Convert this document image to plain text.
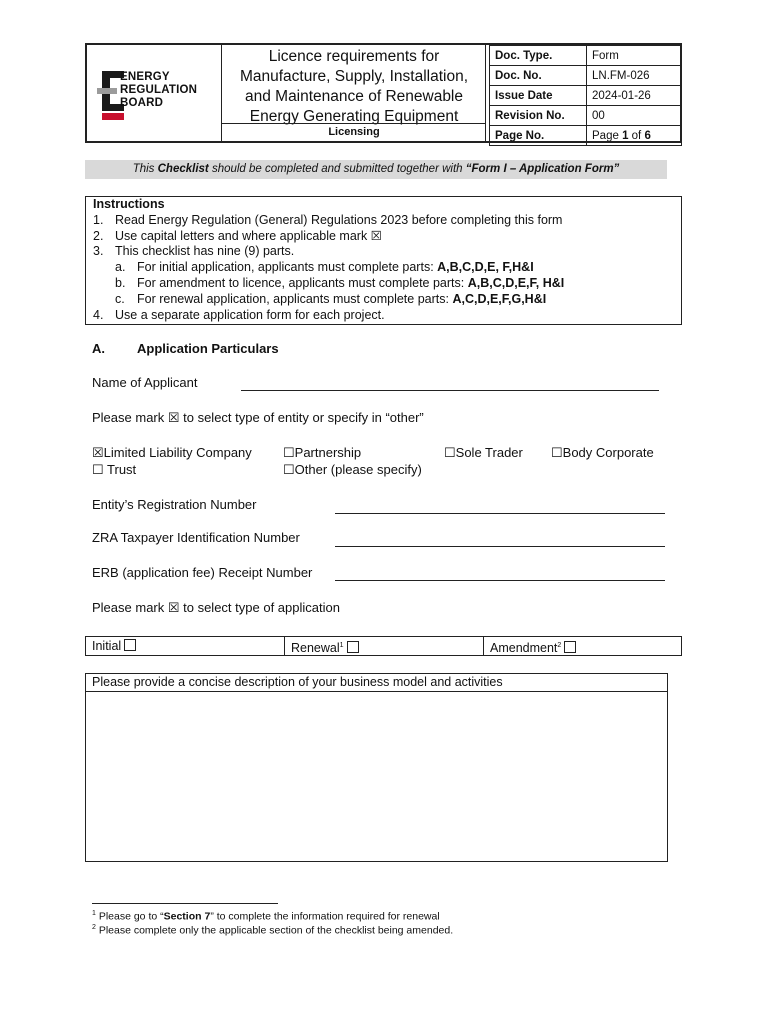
ENERGY
REGULATION
BOARD
Licence requirements for
Manufacture, Supply, Installation,
and Maintenance of Renewable
Energy Generating Equipment
Licensing
Doc. Type.	Form
Doc. No.	LN.FM-026
Issue Date	2024-01-26
Revision No.	00
Page No.	Page 1 of 6
This Checklist should be completed and submitted together with “Form I – Application Form”
Instructions
1. Read Energy Regulation (General) Regulations 2023 before completing this form
2. Use capital letters and where applicable mark ☒
3. This checklist has nine (9) parts.
a. For initial application, applicants must complete parts: A,B,C,D,E, F,H&I
b. For amendment to licence, applicants must complete parts: A,B,C,D,E,F, H&I
c. For renewal application, applicants must complete parts: A,C,D,E,F,G,H&I
4. Use a separate application form for each project.
A. Application Particulars
Name of Applicant
Please mark ☒ to select type of entity or specify in “other”
☒Limited Liability Company ☐Partnership	☐Sole Trader ☐Body Corporate
☐ Trust	☐Other (please specify)
Entity’s Registration Number
ZRA Taxpayer Identification Number
ERB (application fee) Receipt Number
Please mark ☒ to select type of application
Initial	Renewal$^1$	Amendment$^2$
Please provide a concise description of your business model and activities
$^1$ Please go to “Section 7” to complete the information required for renewal
$^2$ Please complete only the applicable section of the checklist being amended.
